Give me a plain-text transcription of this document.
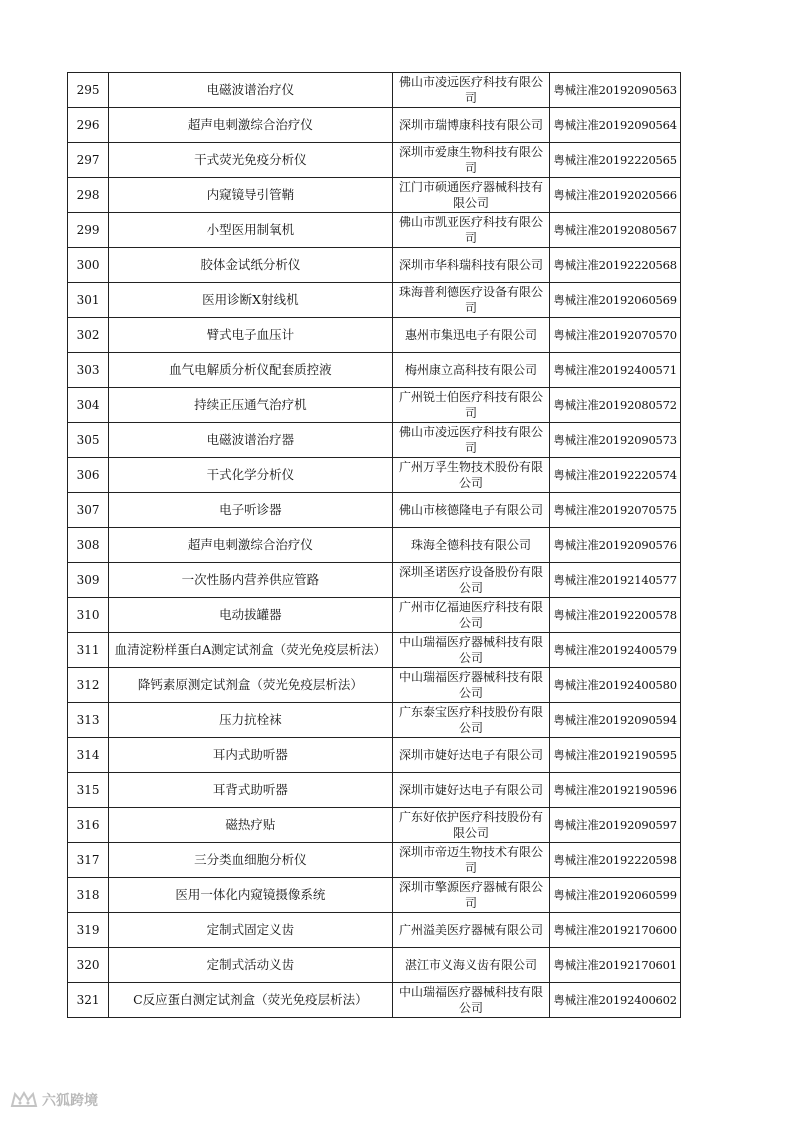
295	电磁波谱治疗仪	佛山市凌远医疗科技有限公司	粤械注准20192090563
296	超声电刺激综合治疗仪	深圳市瑞博康科技有限公司	粤械注准20192090564
297	干式荧光免疫分析仪	深圳市爱康生物科技有限公司	粤械注准20192220565
298	内窥镜导引管鞘	江门市硕通医疗器械科技有限公司	粤械注准20192020566
299	小型医用制氧机	佛山市凯亚医疗科技有限公司	粤械注准20192080567
300	胶体金试纸分析仪	深圳市华科瑞科技有限公司	粤械注准20192220568
301	医用诊断X射线机	珠海普利德医疗设备有限公司	粤械注准20192060569
302	臂式电子血压计	惠州市集迅电子有限公司	粤械注准20192070570
303	血气电解质分析仪配套质控液	梅州康立高科技有限公司	粤械注准20192400571
304	持续正压通气治疗机	广州锐士伯医疗科技有限公司	粤械注准20192080572
305	电磁波谱治疗器	佛山市凌远医疗科技有限公司	粤械注准20192090573
306	干式化学分析仪	广州万孚生物技术股份有限公司	粤械注准20192220574
307	电子听诊器	佛山市核德隆电子有限公司	粤械注准20192070575
308	超声电刺激综合治疗仪	珠海全德科技有限公司	粤械注准20192090576
309	一次性肠内营养供应管路	深圳圣诺医疗设备股份有限公司	粤械注准20192140577
310	电动拔罐器	广州市亿福迪医疗科技有限公司	粤械注准20192200578
311	血清淀粉样蛋白A测定试剂盒（荧光免疫层析法）	中山瑞福医疗器械科技有限公司	粤械注准20192400579
312	降钙素原测定试剂盒（荧光免疫层析法）	中山瑞福医疗器械科技有限公司	粤械注准20192400580
313	压力抗栓袜	广东泰宝医疗科技股份有限公司	粤械注准20192090594
314	耳内式助听器	深圳市婕好达电子有限公司	粤械注准20192190595
315	耳背式助听器	深圳市婕好达电子有限公司	粤械注准20192190596
316	磁热疗贴	广东好依护医疗科技股份有限公司	粤械注准20192090597
317	三分类血细胞分析仪	深圳市帝迈生物技术有限公司	粤械注准20192220598
318	医用一体化内窥镜摄像系统	深圳市擎源医疗器械有限公司	粤械注准20192060599
319	定制式固定义齿	广州溢美医疗器械有限公司	粤械注准20192170600
320	定制式活动义齿	湛江市义海义齿有限公司	粤械注准20192170601
321	C反应蛋白测定试剂盒（荧光免疫层析法）	中山瑞福医疗器械科技有限公司	粤械注准20192400602
六狐跨境
